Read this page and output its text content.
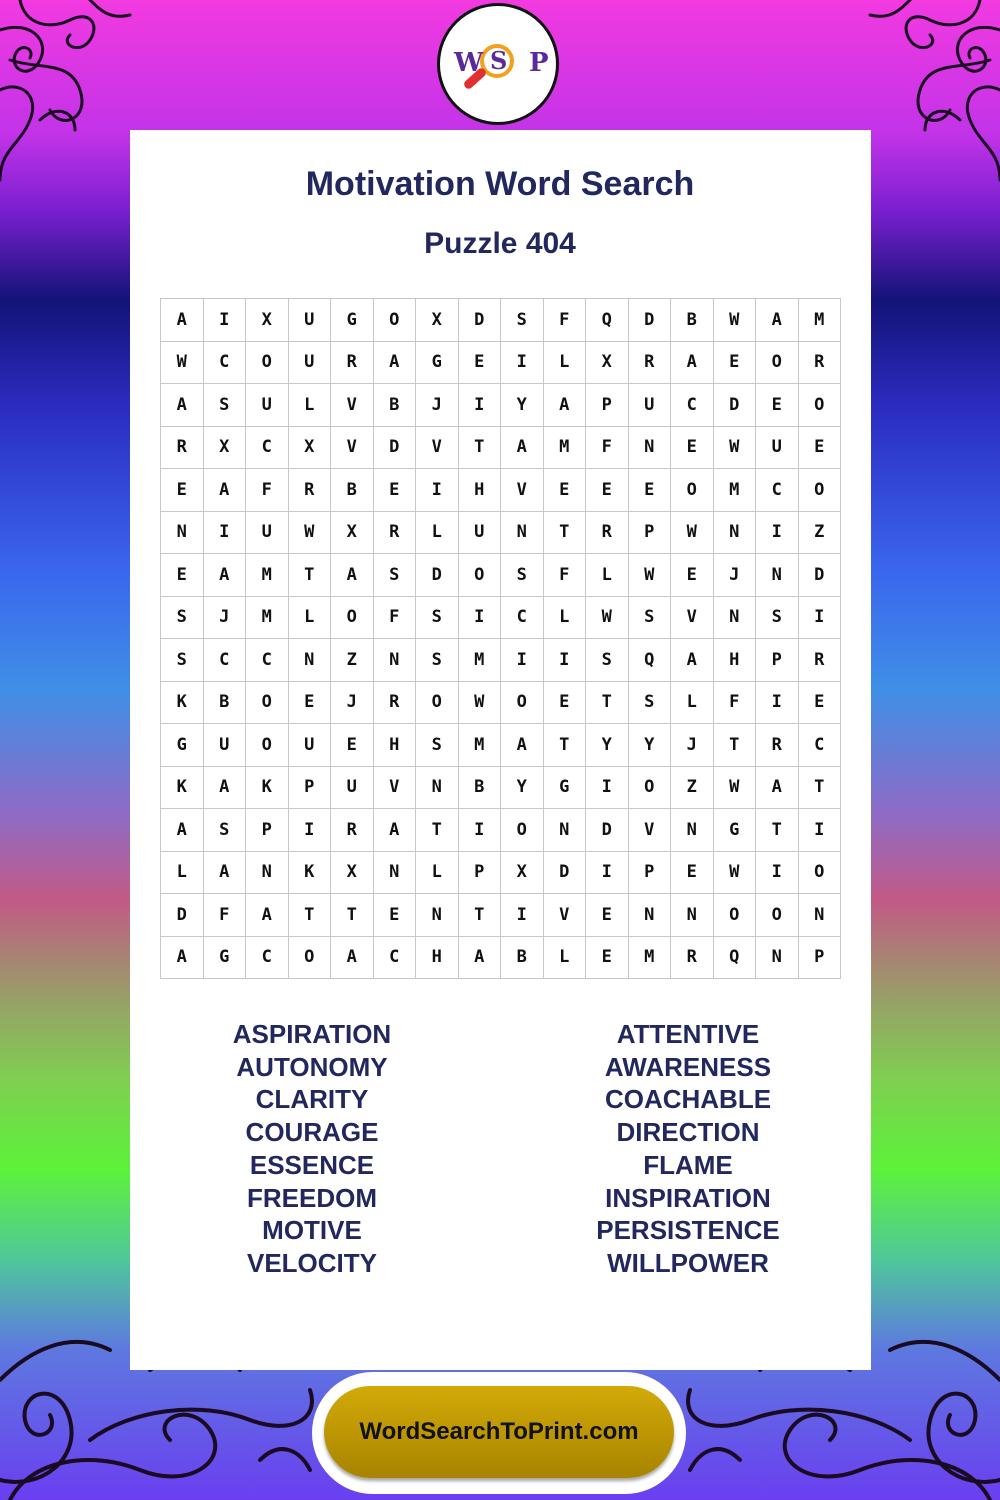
W S P
Motivation Word Search
Puzzle 404
A	I	X	U	G	O	X	D	S	F	Q	D	B	W	A	M
W	C	O	U	R	A	G	E	I	L	X	R	A	E	O	R
A	S	U	L	V	B	J	I	Y	A	P	U	C	D	E	O
R	X	C	X	V	D	V	T	A	M	F	N	E	W	U	E
E	A	F	R	B	E	I	H	V	E	E	E	O	M	C	O
N	I	U	W	X	R	L	U	N	T	R	P	W	N	I	Z
E	A	M	T	A	S	D	O	S	F	L	W	E	J	N	D
S	J	M	L	O	F	S	I	C	L	W	S	V	N	S	I
S	C	C	N	Z	N	S	M	I	I	S	Q	A	H	P	R
K	B	O	E	J	R	O	W	O	E	T	S	L	F	I	E
G	U	O	U	E	H	S	M	A	T	Y	Y	J	T	R	C
K	A	K	P	U	V	N	B	Y	G	I	O	Z	W	A	T
A	S	P	I	R	A	T	I	O	N	D	V	N	G	T	I
L	A	N	K	X	N	L	P	X	D	I	P	E	W	I	O
D	F	A	T	T	E	N	T	I	V	E	N	N	O	O	N
A	G	C	O	A	C	H	A	B	L	E	M	R	Q	N	P
ASPIRATION
AUTONOMY
CLARITY
COURAGE
ESSENCE
FREEDOM
MOTIVE
VELOCITY
ATTENTIVE
AWARENESS
COACHABLE
DIRECTION
FLAME
INSPIRATION
PERSISTENCE
WILLPOWER
WordSearchToPrint.com
